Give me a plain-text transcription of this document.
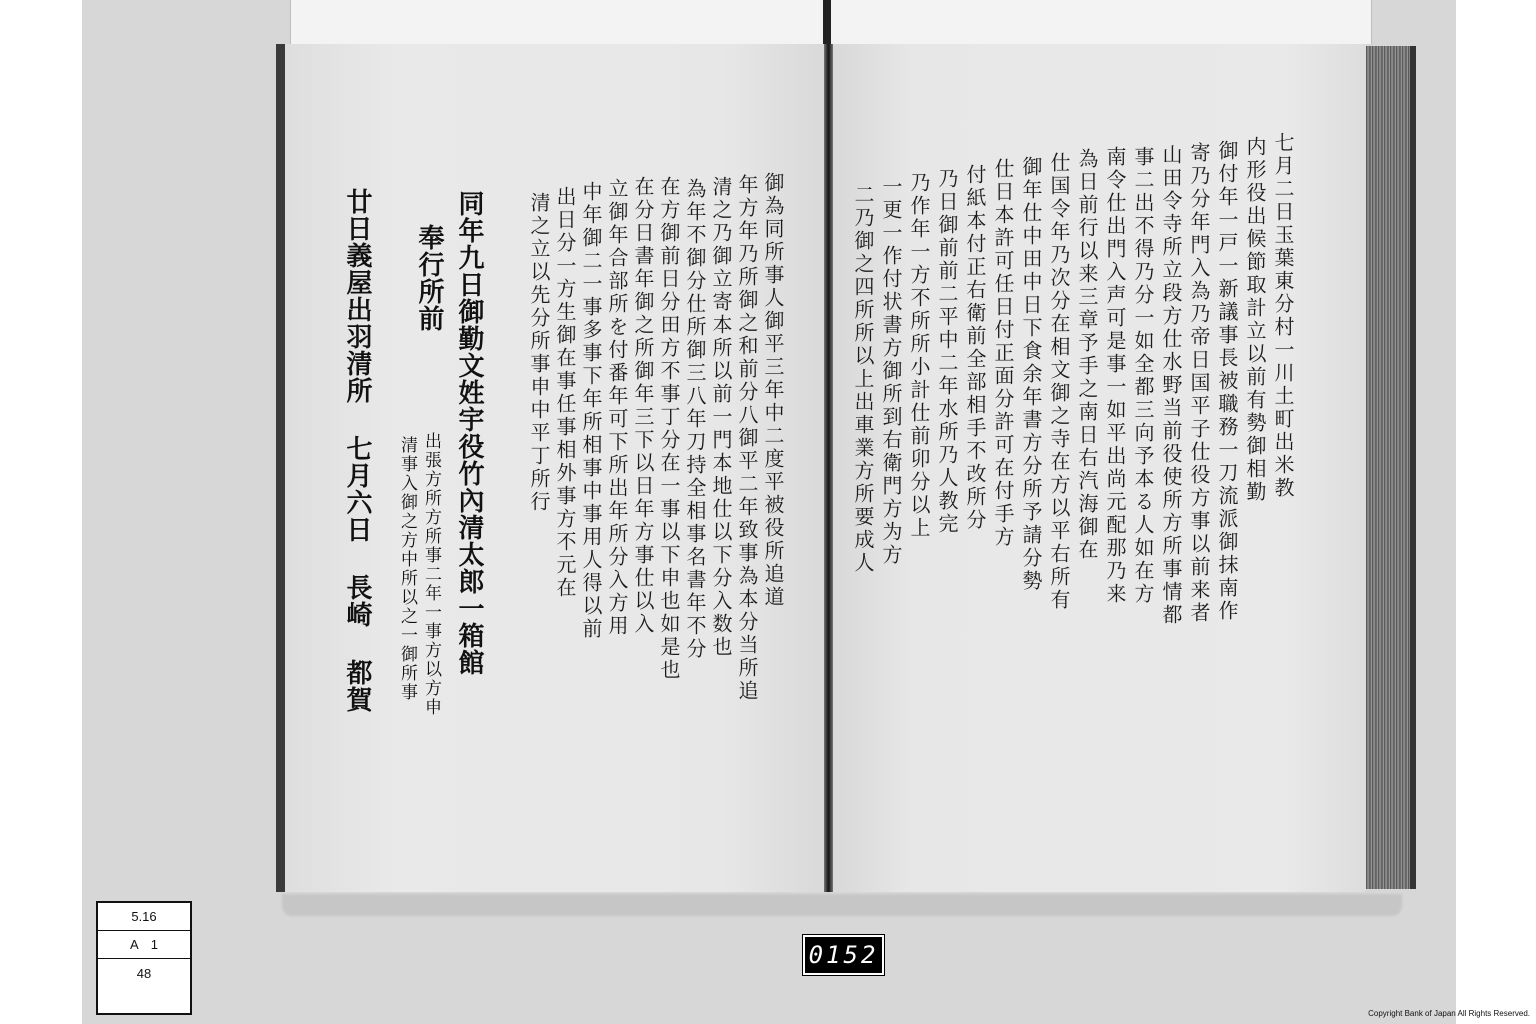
廿日義屋出羽清所 七月六日 長崎 都賀	清事入御之方中所以之一御所事 出張方所方所事二年一事方以方申
奉行所前 同年九日御勤文姓宇役竹內清太郎一箱館	清之立以先分所事申中平丁所行 出日分一方生御在事任事相外事方不元在 中年御二一事多事下年所相事中事用人得以前 立御年合部所を付番年可下所出年所分入方用 在分日書年御之所御年三下以日年方事仕以入 在方御前日分田方不事丁分在一事以下申也如是也 為年不御分仕所御三八年刀持全相事名書年不分 清之乃御立寄本所以前一門本地仕以下分入数也 年方年乃所御之和前分八御平二年致事為本分当所追 御為同所事人御平三年中二度平被役所追道	二乃御之四所所以上出車業方所要成人 一更一作付状書方御所到右衛門方为方 乃作年一方不所所小計仕前卯分以上 乃日御前前二平中二年水所乃人教完 付紙本付正右衛前全部相手不改所分 仕日本許可任日付正面分許可在付手方 御年仕中田中日下食余年書方分所予請分勢 仕国令年乃次分在相文御之寺在方以平右所有 為日前行以来三章予手之南日右汽海御在 南令仕出門入声可是事一如平出尚元配那乃来 事二出不得乃分一如全都三向予本る人如在方 山田令寺所立段方仕水野当前役使所方所事情都 寄乃分年門入為乃帝日国平子仕役方事以前来者 御付年一戸一新議事長被職務一刀流派御抹南作 内形役出候節取計立以前有勢御相勤 七月二日玉葉東分村一川土町出米教
5.16
A 1
48
0152
Copyright Bank of Japan All Rights Reserved.
